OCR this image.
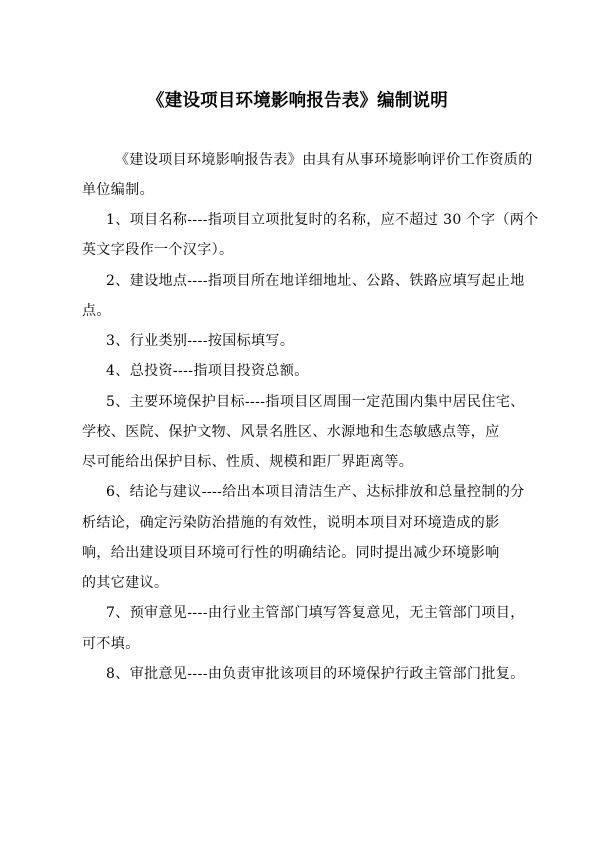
《建设项目环境影响报告表》编制说明
《建设项目环境影响报告表》由具有从事环境影响评价工作资质的
单位编制。
1、项目名称----指项目立项批复时的名称，应不超过 30 个字（两个
英文字段作一个汉字）。
2、建设地点----指项目所在地详细地址、公路、铁路应填写起止地
点。
3、行业类别----按国标填写。
4、总投资----指项目投资总额。
5、主要环境保护目标----指项目区周围一定范围内集中居民住宅、
学校、医院、保护文物、风景名胜区、水源地和生态敏感点等，应
尽可能给出保护目标、性质、规模和距厂界距离等。
6、结论与建议----给出本项目清洁生产、达标排放和总量控制的分
析结论，确定污染防治措施的有效性，说明本项目对环境造成的影
响，给出建设项目环境可行性的明确结论。同时提出减少环境影响
的其它建议。
7、预审意见----由行业主管部门填写答复意见，无主管部门项目，
可不填。
8、审批意见----由负责审批该项目的环境保护行政主管部门批复。
